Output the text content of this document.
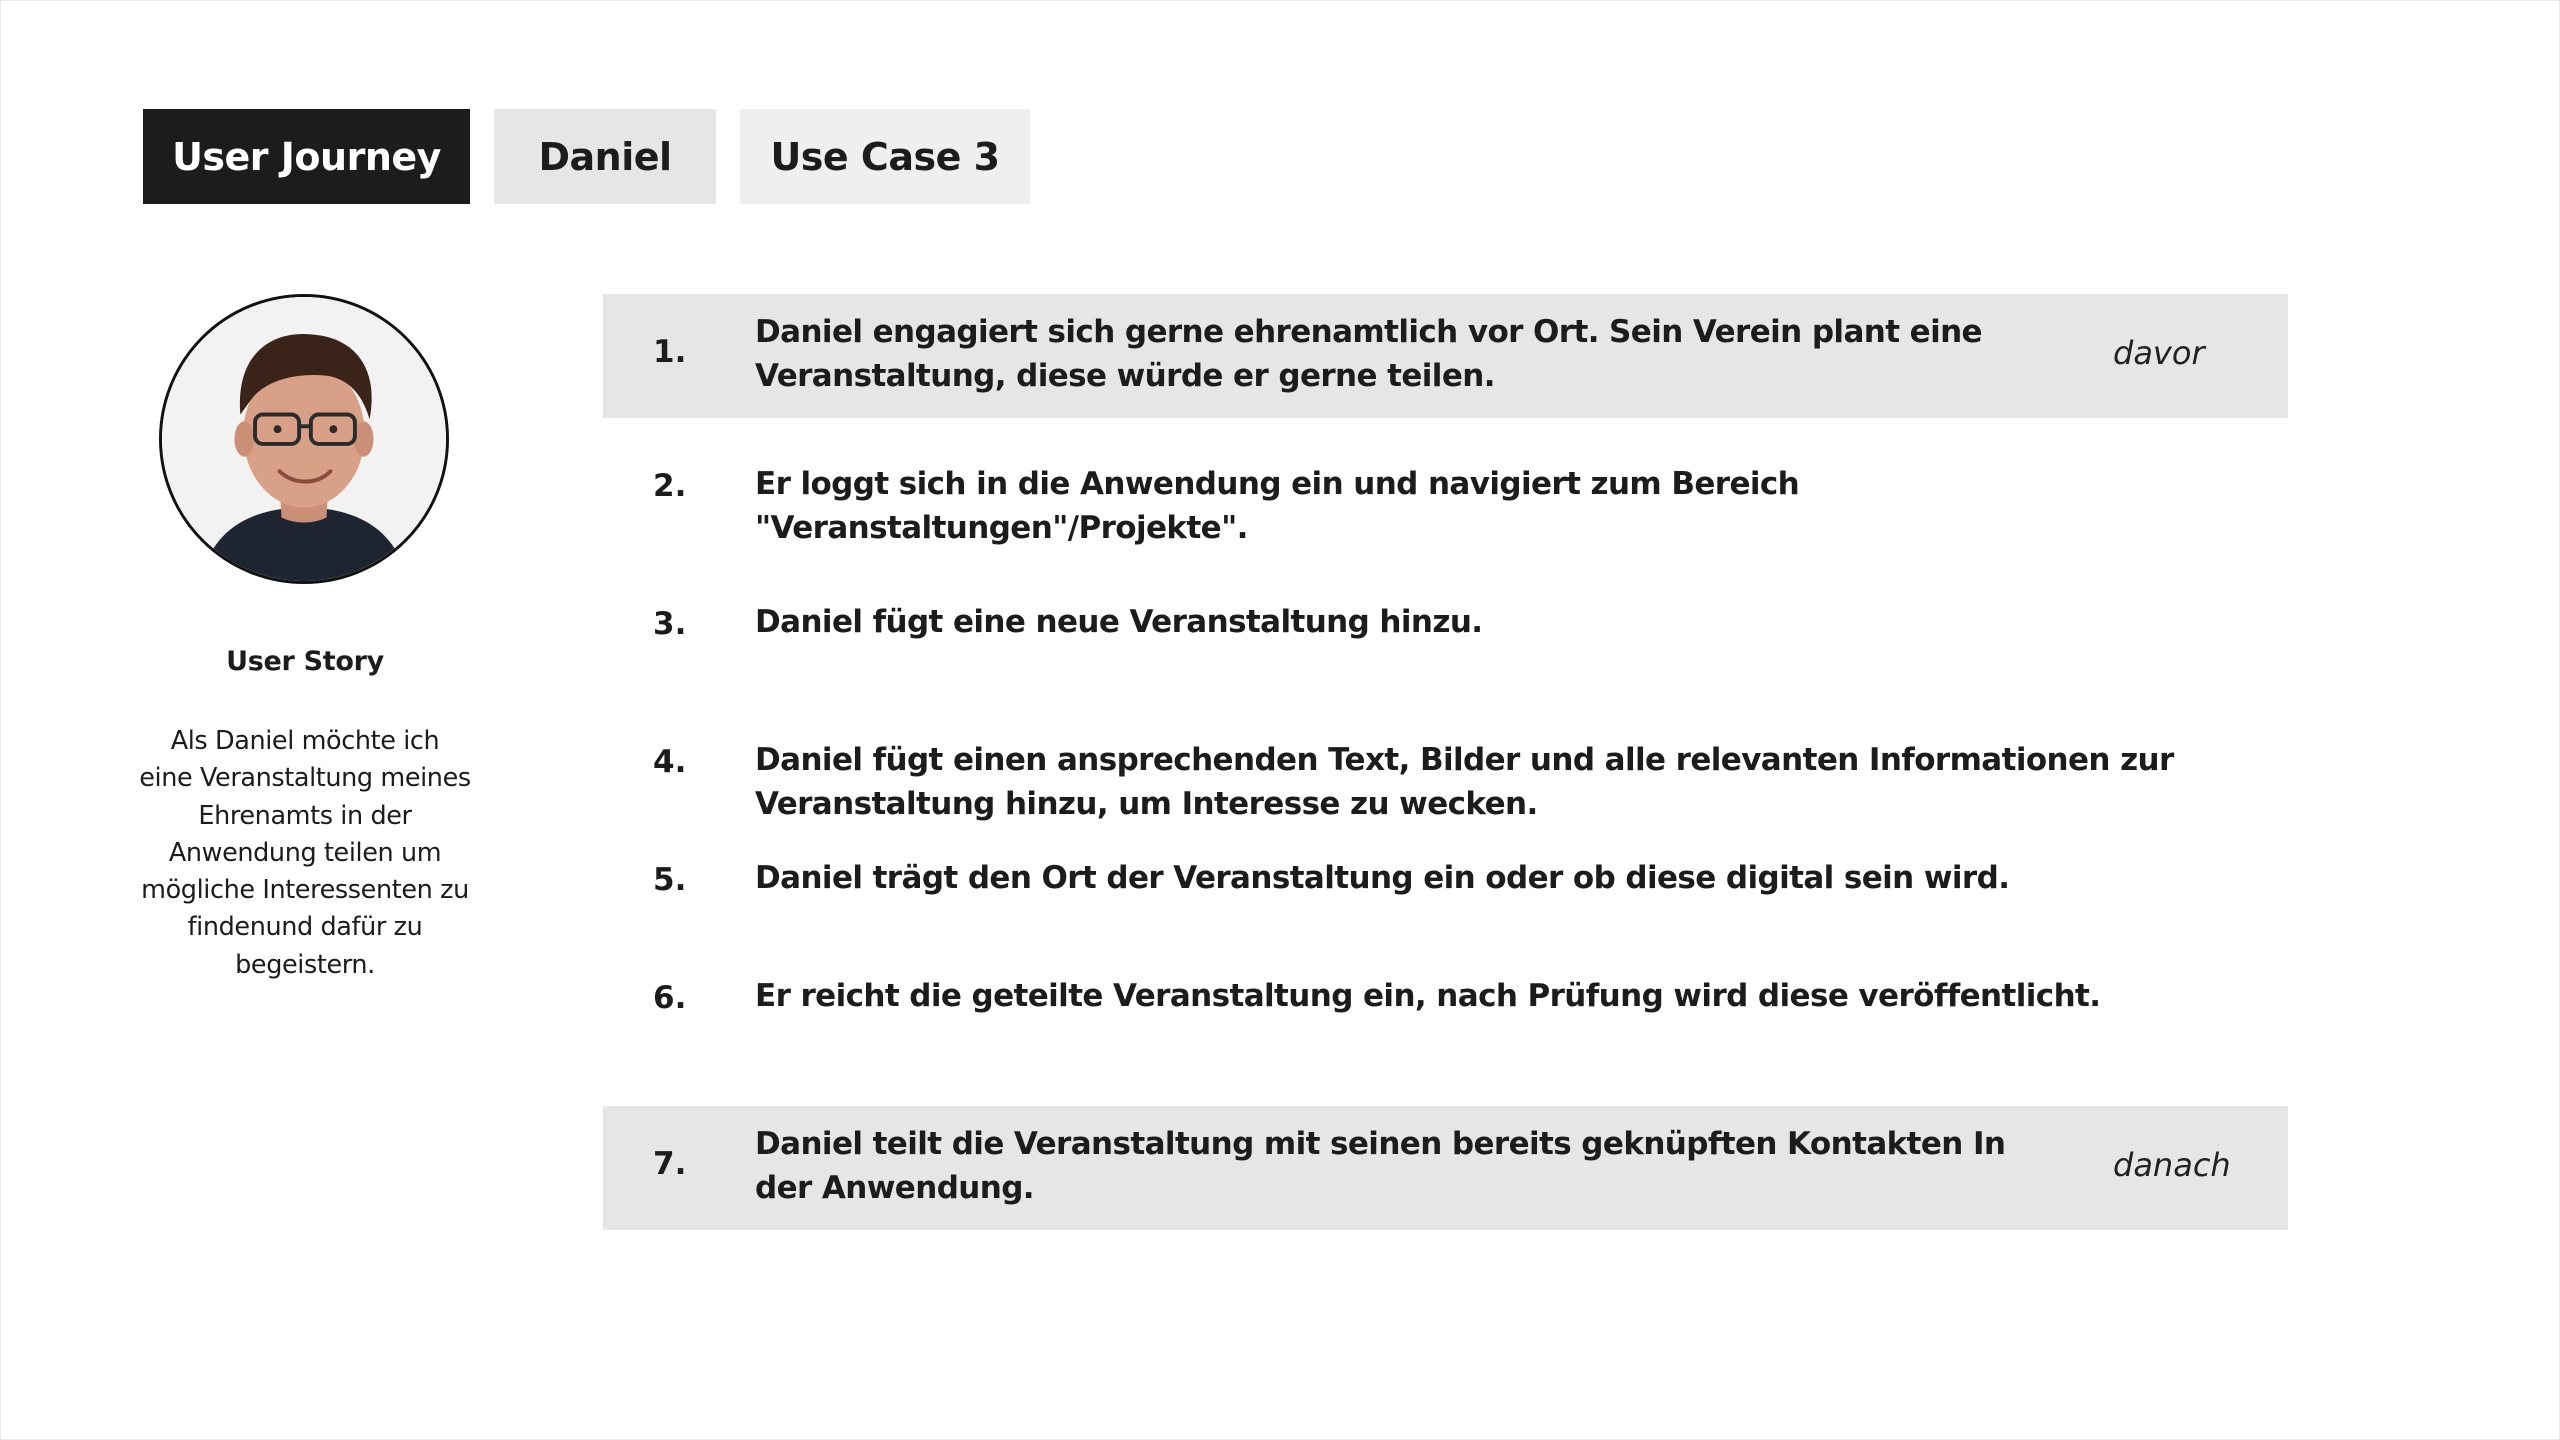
User Journey	Daniel	Use Case 3
User Story
Als Daniel möchte ich
eine Veranstaltung meines
Ehrenamts in der
Anwendung teilen um
mögliche Interessenten zu
findenund dafür zu
begeistern.
1.
Daniel engagiert sich gerne ehrenamtlich vor Ort. Sein Verein plant eine
Veranstaltung, diese würde er gerne teilen.
davor
2. Er loggt sich in die Anwendung ein und navigiert zum Bereich "Veranstaltungen"/Projekte".
3. Daniel fügt eine neue Veranstaltung hinzu.
4. Daniel fügt einen ansprechenden Text, Bilder und alle relevanten Informationen zur
Veranstaltung hinzu, um Interesse zu wecken.
5. Daniel trägt den Ort der Veranstaltung ein oder ob diese digital sein wird.
6. Er reicht die geteilte Veranstaltung ein, nach Prüfung wird diese veröffentlicht.
7.
Daniel teilt die Veranstaltung mit seinen bereits geknüpften Kontakten In
der Anwendung.
danach
